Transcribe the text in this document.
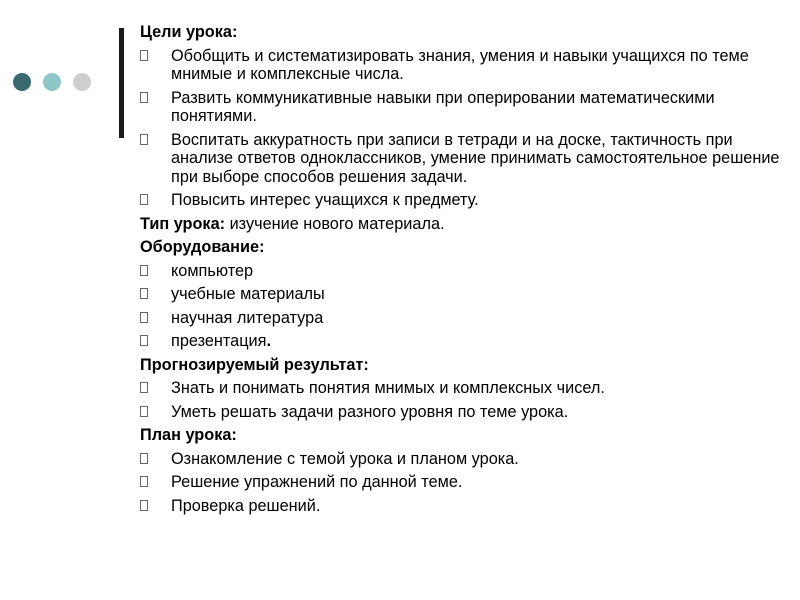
Цели урока:
Обобщить и систематизировать знания, умения и навыки учащихся по теме мнимые и комплексные числа.
Развить коммуникативные навыки при оперировании математическими понятиями.
Воспитать аккуратность при записи в тетради и на доске, тактичность при анализе ответов одноклассников, умение принимать самостоятельное решение при выборе способов решения задачи.
Повысить интерес учащихся к предмету.
Тип урока: изучение нового материала.
Оборудование:
компьютер
учебные материалы
научная литература
презентация.
Прогнозируемый результат:
Знать и понимать понятия мнимых и комплексных чисел.
Уметь решать задачи разного уровня по теме урока.
План урока:
Ознакомление с темой урока и планом урока.
Решение упражнений по данной теме.
Проверка решений.
